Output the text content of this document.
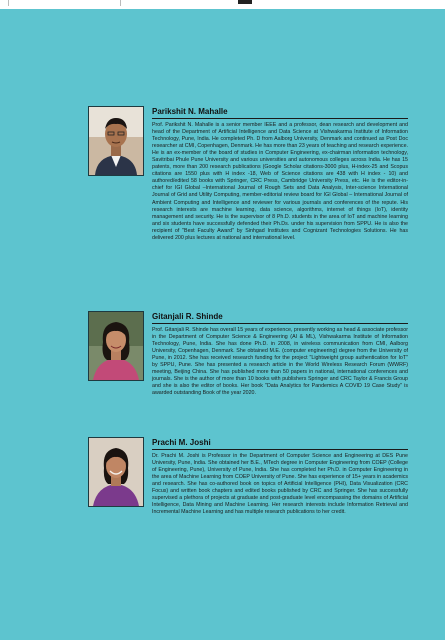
Parikshit N. Mahalle

Prof. Parikshit N. Mahalle is a senior member IEEE and a professor, dean research and development and head of the Department of Artificial Intelligence and Data Science at Vishwakarma Institute of Information Technology, Pune, India. He completed Ph. D from Aalborg University, Denmark and continued as Post Doc researcher at CMI, Copenhagen, Denmark. He has more than 23 years of teaching and research experience. He is an ex-member of the board of studies in Computer Engineering, ex-chairman information technology, Savitribai Phule Pune University and various universities and autonomous colleges across India. He has 15 patents, more than 200 research publications (Google Scholar citations-3000 plus, H-index-25 and Scopus citations are 1550 plus with H index -18, Web of Science citations are 438 with H index - 10) and authored/edited 58 books with Springer, CRC Press, Cambridge University Press, etc. He is the editor-in-chief for IGI Global –International Journal of Rough Sets and Data Analysis, Inter-science International Journal of Grid and Utility Computing, member-editorial review board for IGI Global – International Journal of Ambient Computing and Intelligence and reviewer for various journals and conferences of the repute. His research interests are machine learning, data science, algorithms, internet of things (IoT), identity management and security. He is the supervisor of 8 Ph.D. students in the area of IoT and machine learning and six students have successfully defended their Ph.Ds. under his supervision from SPPU. He is also the recipient of "Best Faculty Award" by Sinhgad Institutes and Cognizant Technologies Solutions. He has delivered 200 plus lectures at national and international level.

Gitanjali R. Shinde

Prof. Gitanjali R. Shinde has overall 15 years of experience, presently working as head & associate professor in the Department of Computer Science & Engineering (AI & ML), Vishwakarma Institute of Information Technology, Pune, India. She has done Ph.D. in 2008, in wireless communication from CMI, Aalborg University, Copenhagen, Denmark. She obtained M.E. (computer engineering) degree from the University of Pune, in 2012. She has received research funding for the project "Lightweight group authentication for IoT" by SPPU, Pune. She has presented a research article in the World Wireless Research Forum (WWRF) meeting, Beijing China. She has published more than 50 papers in national, international conferences and journals. She is the author of more than 10 books with publishers Springer and CRC Taylor & Francis Group and she is also the editor of books. Her book "Data Analytics for Pandemics A COVID 19 Case Study" is awarded outstanding Book of the year 2020.

Prachi M. Joshi

Dr. Prachi M. Joshi is Professor in the Department of Computer Science and Engineering at DES Pune University, Pune, India. She obtained her B.E., MTech degree in Computer Engineering from COEP (College of Engineering, Pune), University of Pune, India. She has completed her Ph.D. in Computer Engineering in the area of Machine Learning from COEP University of Pune. She has experience of 15+ years in academics and research. She has co-authored book on topics of Artificial Intelligence (PHI), Data Visualization (CRC Focus) and written book chapters and edited books published by CRC and Springer. She has successfully supervised a plethora of projects at graduate and post-graduate level encompassing the domains of Artificial Intelligence, Data Mining and Machine Learning. Her research interests include Information Retrieval and Incremental Machine Learning and has multiple research publications to her credit.
